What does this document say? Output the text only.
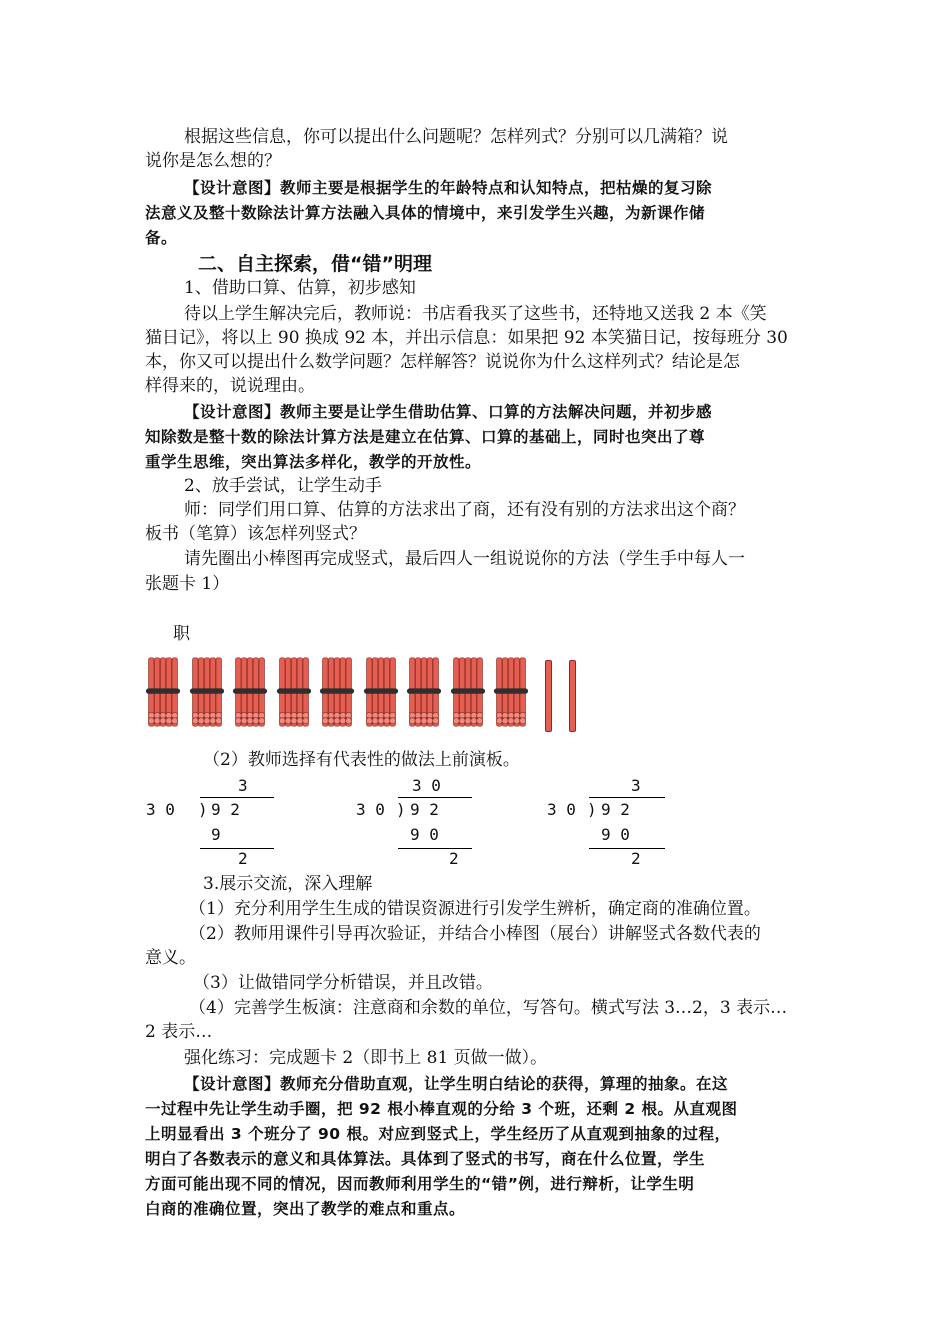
根据这些信息，你可以提出什么问题呢？怎样列式？分别可以几满箱？说
说你是怎么想的？
【设计意图】教师主要是根据学生的年龄特点和认知特点，把枯燥的复习除
法意义及整十数除法计算方法融入具体的情境中，来引发学生兴趣，为新课作储
备。
二、自主探索，借“错”明理
1、借助口算、估算，初步感知
待以上学生解决完后，教师说：书店看我买了这些书，还特地又送我 2 本《笑
猫日记》，将以上 90 换成 92 本，并出示信息：如果把 92 本笑猫日记，按每班分 30
本，你又可以提出什么数学问题？怎样解答？说说你为什么这样列式？结论是怎
样得来的，说说理由。
【设计意图】教师主要是让学生借助估算、口算的方法解决问题，并初步感
知除数是整十数的除法计算方法是建立在估算、口算的基础上，同时也突出了尊
重学生思维，突出算法多样化，教学的开放性。
2、放手尝试，让学生动手
师：同学们用口算、估算的方法求出了商，还有没有别的方法求出这个商？
板书（笔算）该怎样列竖式？
请先圈出小棒图再完成竖式，最后四人一组说说你的方法（学生手中每人一
张题卡 1）
职
（2）教师选择有代表性的做法上前演板。
3
3 0 ) 9 2
9
2
3 0
3 0 ) 9 2
9 0
2
3
3 0 ) 9 2
9 0
2
3.展示交流，深入理解
（1）充分利用学生生成的错误资源进行引发学生辨析，确定商的准确位置。
（2）教师用课件引导再次验证，并结合小棒图（展台）讲解竖式各数代表的
意义。
（3）让做错同学分析错误，并且改错。
（4）完善学生板演：注意商和余数的单位，写答句。横式写法 3…2，3 表示…
2 表示…
强化练习：完成题卡 2（即书上 81 页做一做）。
【设计意图】教师充分借助直观，让学生明白结论的获得，算理的抽象。在这
一过程中先让学生动手圈，把 92 根小棒直观的分给 3 个班，还剩 2 根。从直观图
上明显看出 3 个班分了 90 根。对应到竖式上，学生经历了从直观到抽象的过程，
明白了各数表示的意义和具体算法。具体到了竖式的书写，商在什么位置，学生
方面可能出现不同的情况，因而教师利用学生的“错”例，进行辩析，让学生明
白商的准确位置，突出了教学的难点和重点。
